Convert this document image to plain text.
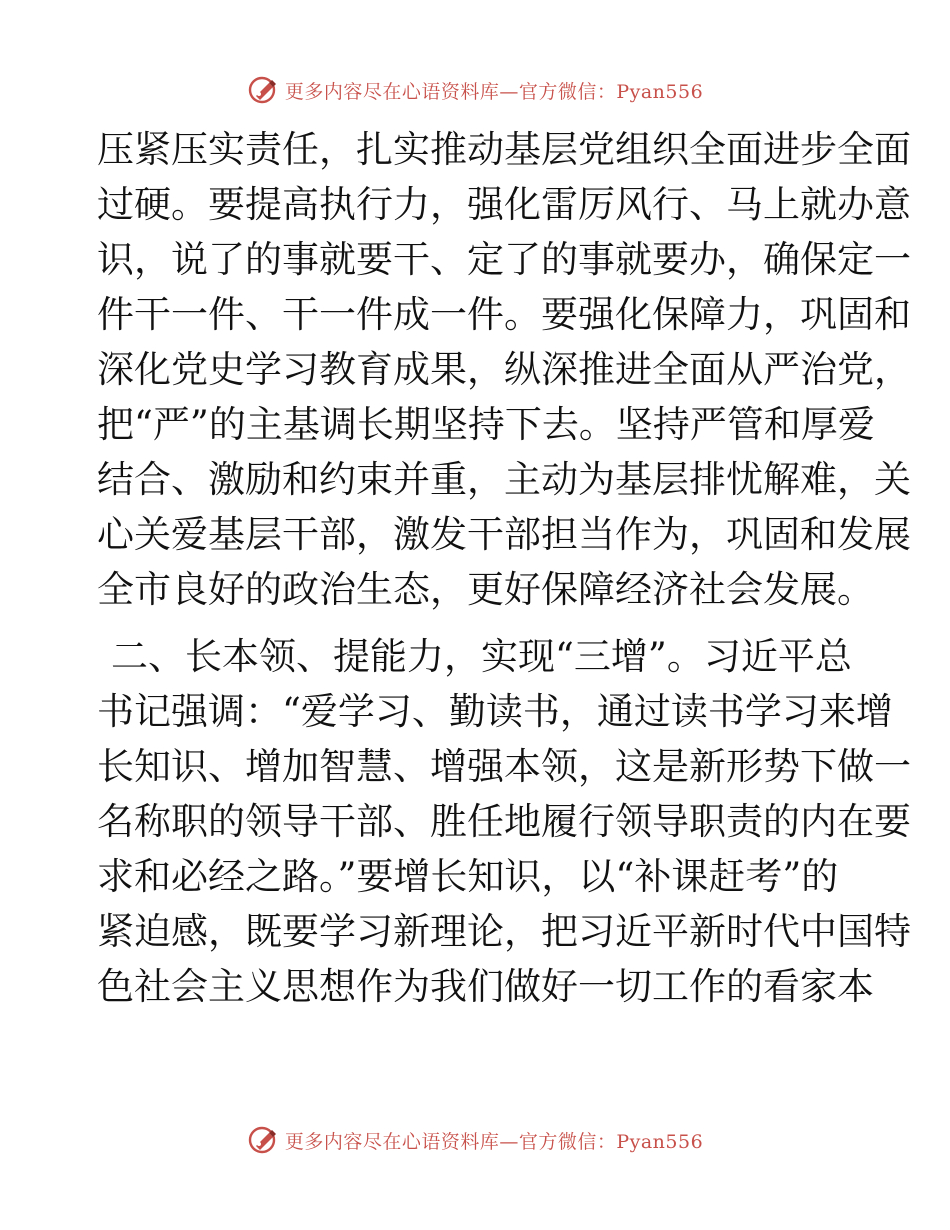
更多内容尽在心语资料库—官方微信：Pyan556

压紧压实责任，扎实推动基层党组织全面进步全面
过硬。要提高执行力，强化雷厉风行、马上就办意
识，说了的事就要干、定了的事就要办，确保定一
件干一件、干一件成一件。要强化保障力，巩固和
深化党史学习教育成果，纵深推进全面从严治党，
把“严”的主基调长期坚持下去。坚持严管和厚爱
结合、激励和约束并重，主动为基层排忧解难，关
心关爱基层干部，激发干部担当作为，巩固和发展
全市良好的政治生态，更好保障经济社会发展。

二、长本领、提能力，实现“三增”。习近平总
书记强调：“爱学习、勤读书，通过读书学习来增
长知识、增加智慧、增强本领，这是新形势下做一
名称职的领导干部、胜任地履行领导职责的内在要
求和必经之路。”要增长知识，以“补课赶考”的
紧迫感，既要学习新理论，把习近平新时代中国特
色社会主义思想作为我们做好一切工作的看家本

更多内容尽在心语资料库—官方微信：Pyan556
